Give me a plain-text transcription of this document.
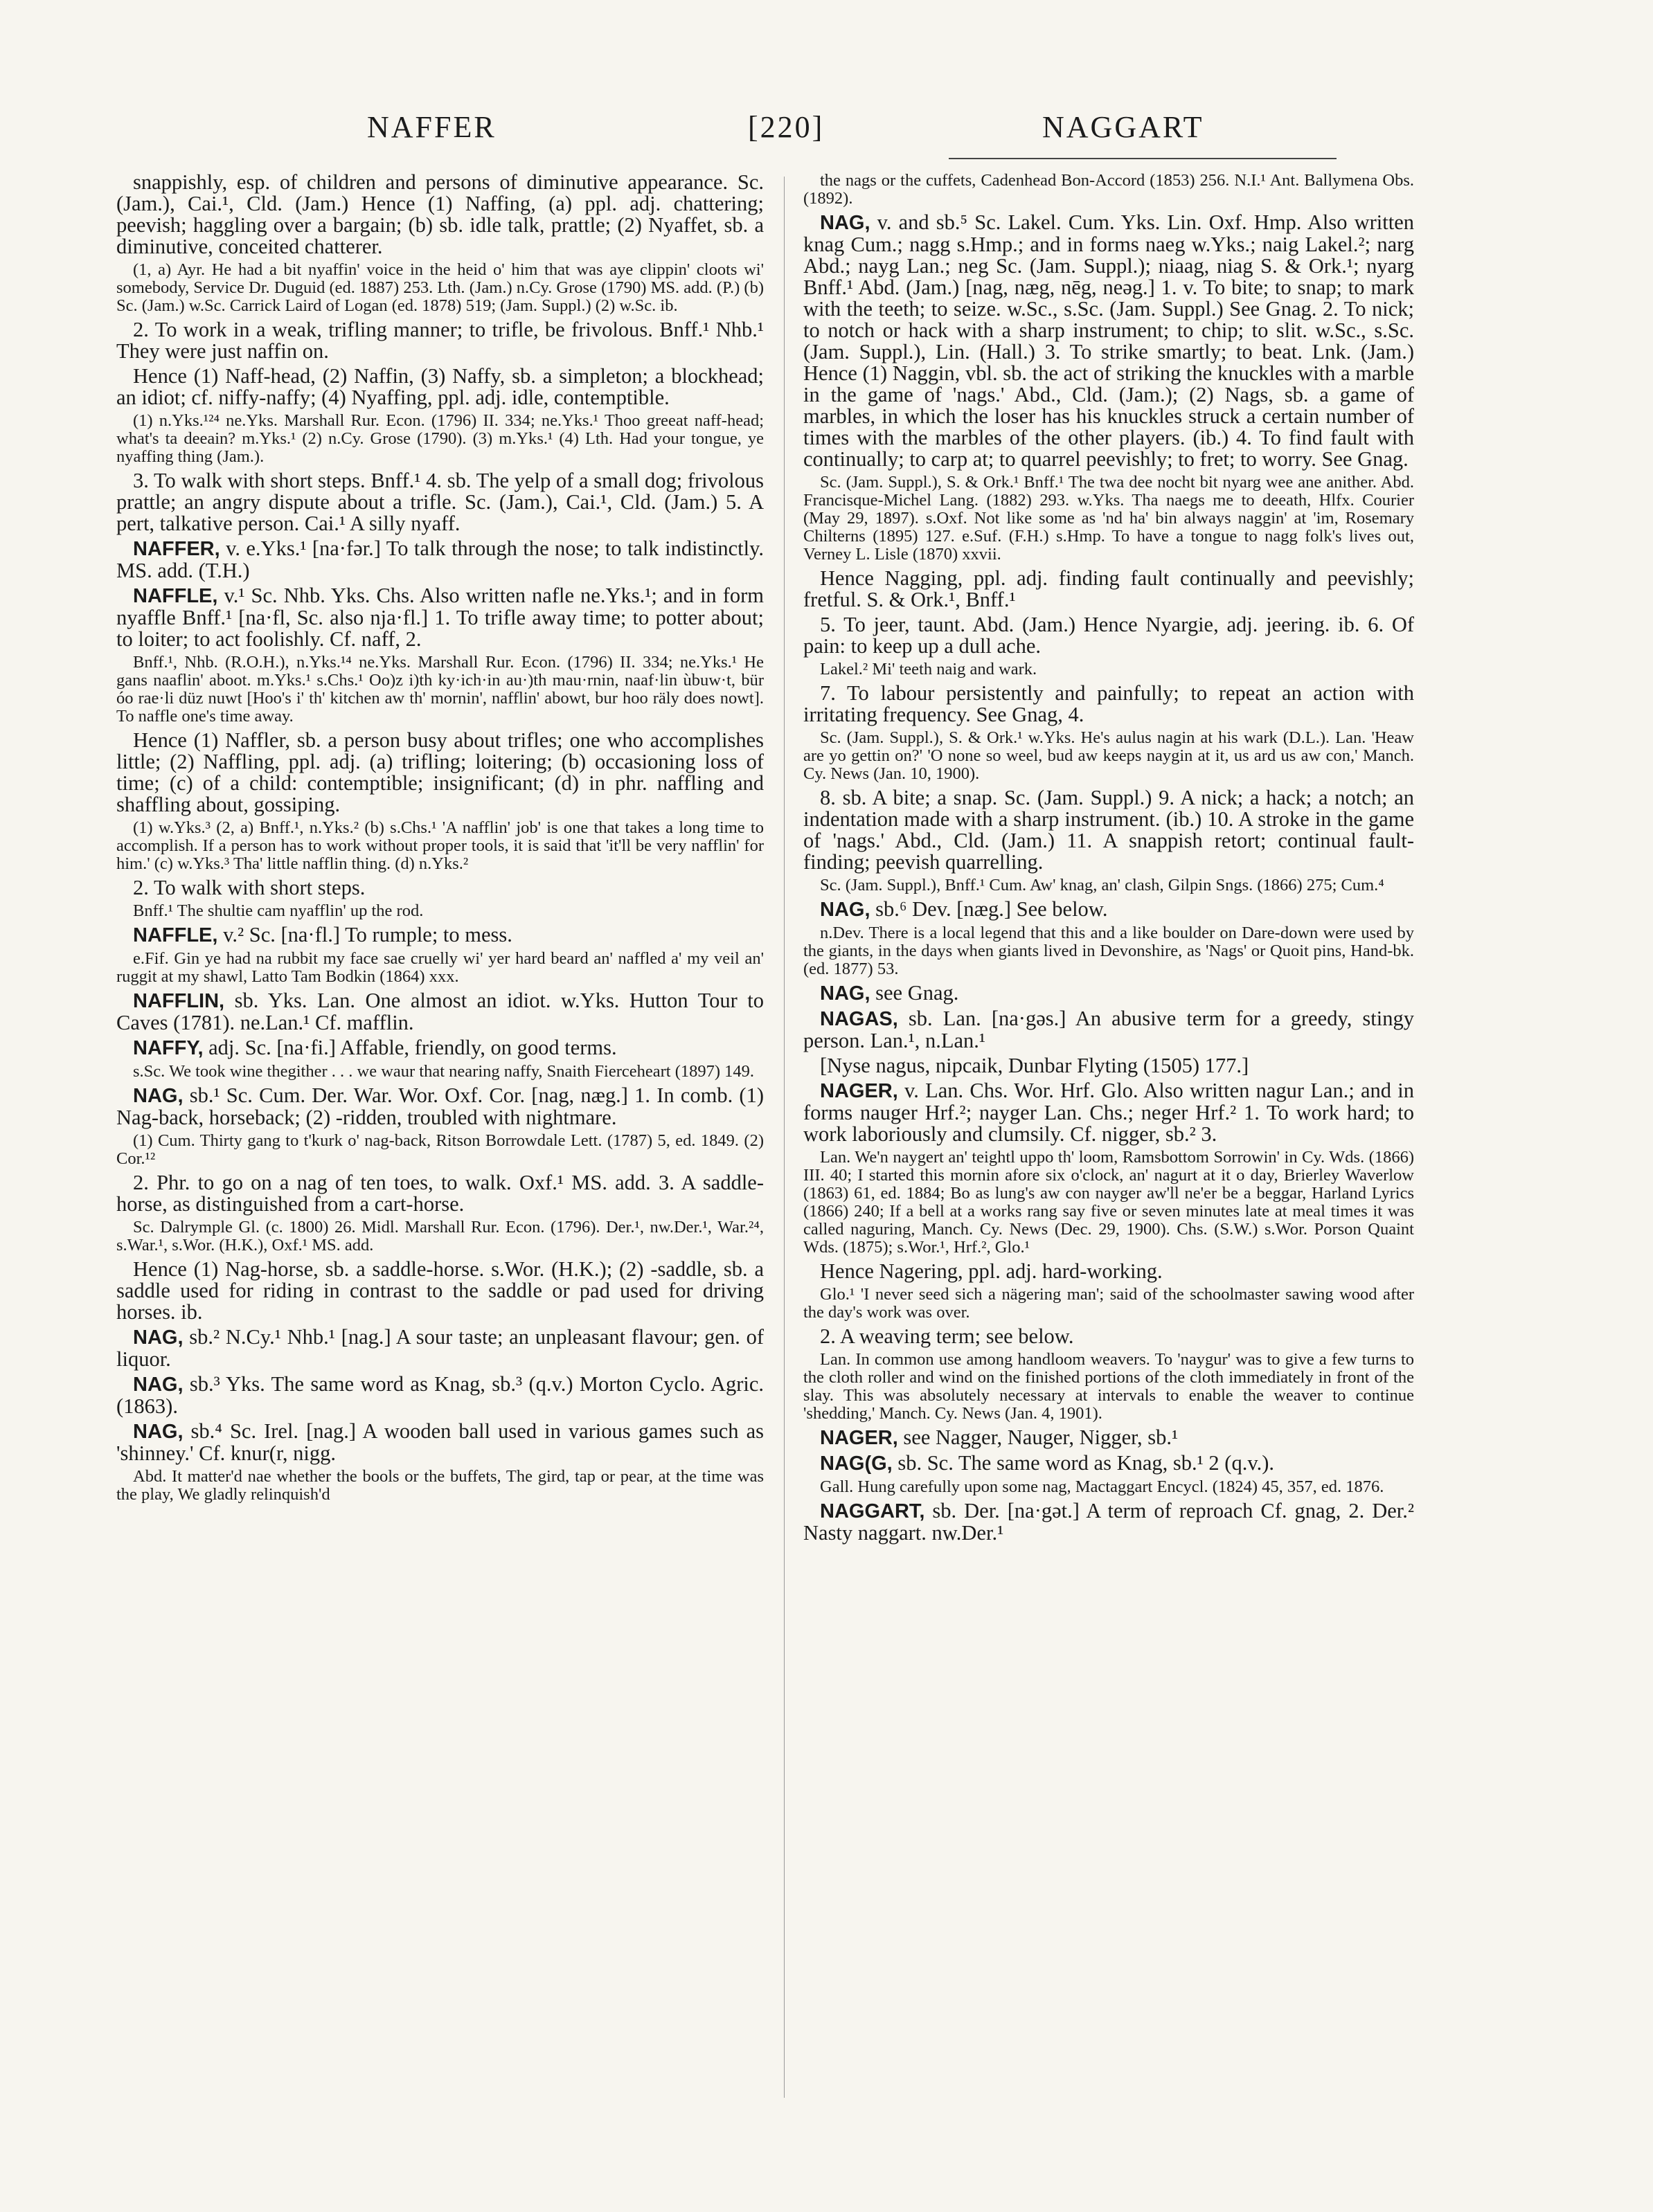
NAFFER	[220]	NAGGART
snappishly, esp. of children and persons of diminutive appearance. Sc. (Jam.), Cai.¹, Cld. (Jam.) Hence (1) Naffing, (a) ppl. adj. chattering; peevish; haggling over a bargain; (b) sb. idle talk, prattle; (2) Nyaffet, sb. a diminutive, conceited chatterer.
(1, a) Ayr. He had a bit nyaffin' voice in the heid o' him that was aye clippin' cloots wi' somebody, Service Dr. Duguid (ed. 1887) 253. Lth. (Jam.) n.Cy. Grose (1790) MS. add. (P.) (b) Sc. (Jam.) w.Sc. Carrick Laird of Logan (ed. 1878) 519; (Jam. Suppl.) (2) w.Sc. ib.
2. To work in a weak, trifling manner; to trifle, be frivolous. Bnff.¹ Nhb.¹ They were just naffin on.
Hence (1) Naff-head, (2) Naffin, (3) Naffy, sb. a simpleton; a blockhead; an idiot; cf. niffy-naffy; (4) Nyaffing, ppl. adj. idle, contemptible.
(1) n.Yks.¹²⁴ ne.Yks. Marshall Rur. Econ. (1796) II. 334; ne.Yks.¹ Thoo greeat naff-head; what's ta deeain? m.Yks.¹ (2) n.Cy. Grose (1790). (3) m.Yks.¹ (4) Lth. Had your tongue, ye nyaffing thing (Jam.).
3. To walk with short steps. Bnff.¹ 4. sb. The yelp of a small dog; frivolous prattle; an angry dispute about a trifle. Sc. (Jam.), Cai.¹, Cld. (Jam.) 5. A pert, talkative person. Cai.¹ A silly nyaff.
NAFFER, v. e.Yks.¹ [na·fər.] To talk through the nose; to talk indistinctly. MS. add. (T.H.)
NAFFLE, v.¹ Sc. Nhb. Yks. Chs. Also written nafle ne.Yks.¹; and in form nyaffle Bnff.¹ [na·fl, Sc. also nja·fl.] 1. To trifle away time; to potter about; to loiter; to act foolishly. Cf. naff, 2.
Bnff.¹, Nhb. (R.O.H.), n.Yks.¹⁴ ne.Yks. Marshall Rur. Econ. (1796) II. 334; ne.Yks.¹ He gans naaflin' aboot. m.Yks.¹ s.Chs.¹ Oo)z i)th ky·ich·in au·)th mau·rnin, naaf·lin ùbuw·t, bür óo rae·li düz nuwt [Hoo's i' th' kitchen aw th' mornin', nafflin' abowt, bur hoo räly does nowt]. To naffle one's time away.
Hence (1) Naffler, sb. a person busy about trifles; one who accomplishes little; (2) Naffling, ppl. adj. (a) trifling; loitering; (b) occasioning loss of time; (c) of a child: contemptible; insignificant; (d) in phr. naffling and shaffling about, gossiping.
(1) w.Yks.³ (2, a) Bnff.¹, n.Yks.² (b) s.Chs.¹ 'A nafflin' job' is one that takes a long time to accomplish. If a person has to work without proper tools, it is said that 'it'll be very nafflin' for him.' (c) w.Yks.³ Tha' little nafflin thing. (d) n.Yks.²
2. To walk with short steps.
Bnff.¹ The shultie cam nyafflin' up the rod.
NAFFLE, v.² Sc. [na·fl.] To rumple; to mess.
e.Fif. Gin ye had na rubbit my face sae cruelly wi' yer hard beard an' naffled a' my veil an' ruggit at my shawl, Latto Tam Bodkin (1864) xxx.
NAFFLIN, sb. Yks. Lan. One almost an idiot. w.Yks. Hutton Tour to Caves (1781). ne.Lan.¹ Cf. mafflin.
NAFFY, adj. Sc. [na·fi.] Affable, friendly, on good terms.
s.Sc. We took wine thegither . . . we waur that nearing naffy, Snaith Fierceheart (1897) 149.
NAG, sb.¹ Sc. Cum. Der. War. Wor. Oxf. Cor. [nag, næg.] 1. In comb. (1) Nag-back, horseback; (2) -ridden, troubled with nightmare.
(1) Cum. Thirty gang to t'kurk o' nag-back, Ritson Borrowdale Lett. (1787) 5, ed. 1849. (2) Cor.¹²
2. Phr. to go on a nag of ten toes, to walk. Oxf.¹ MS. add. 3. A saddle-horse, as distinguished from a cart-horse.
Sc. Dalrymple Gl. (c. 1800) 26. Midl. Marshall Rur. Econ. (1796). Der.¹, nw.Der.¹, War.²⁴, s.War.¹, s.Wor. (H.K.), Oxf.¹ MS. add.
Hence (1) Nag-horse, sb. a saddle-horse. s.Wor. (H.K.); (2) -saddle, sb. a saddle used for riding in contrast to the saddle or pad used for driving horses. ib.
NAG, sb.² N.Cy.¹ Nhb.¹ [nag.] A sour taste; an unpleasant flavour; gen. of liquor.
NAG, sb.³ Yks. The same word as Knag, sb.³ (q.v.) Morton Cyclo. Agric. (1863).
NAG, sb.⁴ Sc. Irel. [nag.] A wooden ball used in various games such as 'shinney.' Cf. knur(r, nigg.
Abd. It matter'd nae whether the bools or the buffets, The gird, tap or pear, at the time was the play, We gladly relinquish'd
the nags or the cuffets, Cadenhead Bon-Accord (1853) 256. N.I.¹ Ant. Ballymena Obs. (1892).
NAG, v. and sb.⁵ Sc. Lakel. Cum. Yks. Lin. Oxf. Hmp. Also written knag Cum.; nagg s.Hmp.; and in forms naeg w.Yks.; naig Lakel.²; narg Abd.; nayg Lan.; neg Sc. (Jam. Suppl.); niaag, niag S. & Ork.¹; nyarg Bnff.¹ Abd. (Jam.) [nag, næg, nēg, neəg.] 1. v. To bite; to snap; to mark with the teeth; to seize. w.Sc., s.Sc. (Jam. Suppl.) See Gnag. 2. To nick; to notch or hack with a sharp instrument; to chip; to slit. w.Sc., s.Sc. (Jam. Suppl.), Lin. (Hall.) 3. To strike smartly; to beat. Lnk. (Jam.) Hence (1) Naggin, vbl. sb. the act of striking the knuckles with a marble in the game of 'nags.' Abd., Cld. (Jam.); (2) Nags, sb. a game of marbles, in which the loser has his knuckles struck a certain number of times with the marbles of the other players. (ib.) 4. To find fault with continually; to carp at; to quarrel peevishly; to fret; to worry. See Gnag.
Sc. (Jam. Suppl.), S. & Ork.¹ Bnff.¹ The twa dee nocht bit nyarg wee ane anither. Abd. Francisque-Michel Lang. (1882) 293. w.Yks. Tha naegs me to deeath, Hlfx. Courier (May 29, 1897). s.Oxf. Not like some as 'nd ha' bin always naggin' at 'im, Rosemary Chilterns (1895) 127. e.Suf. (F.H.) s.Hmp. To have a tongue to nagg folk's lives out, Verney L. Lisle (1870) xxvii.
Hence Nagging, ppl. adj. finding fault continually and peevishly; fretful. S. & Ork.¹, Bnff.¹
5. To jeer, taunt. Abd. (Jam.) Hence Nyargie, adj. jeering. ib. 6. Of pain: to keep up a dull ache.
Lakel.² Mi' teeth naig and wark.
7. To labour persistently and painfully; to repeat an action with irritating frequency. See Gnag, 4.
Sc. (Jam. Suppl.), S. & Ork.¹ w.Yks. He's aulus nagin at his wark (D.L.). Lan. 'Heaw are yo gettin on?' 'O none so weel, bud aw keeps naygin at it, us ard us aw con,' Manch. Cy. News (Jan. 10, 1900).
8. sb. A bite; a snap. Sc. (Jam. Suppl.) 9. A nick; a hack; a notch; an indentation made with a sharp instrument. (ib.) 10. A stroke in the game of 'nags.' Abd., Cld. (Jam.) 11. A snappish retort; continual fault-finding; peevish quarrelling.
Sc. (Jam. Suppl.), Bnff.¹ Cum. Aw' knag, an' clash, Gilpin Sngs. (1866) 275; Cum.⁴
NAG, sb.⁶ Dev. [næg.] See below.
n.Dev. There is a local legend that this and a like boulder on Dare-down were used by the giants, in the days when giants lived in Devonshire, as 'Nags' or Quoit pins, Hand-bk. (ed. 1877) 53.
NAG, see Gnag.
NAGAS, sb. Lan. [na·gəs.] An abusive term for a greedy, stingy person. Lan.¹, n.Lan.¹
[Nyse nagus, nipcaik, Dunbar Flyting (1505) 177.]
NAGER, v. Lan. Chs. Wor. Hrf. Glo. Also written nagur Lan.; and in forms nauger Hrf.²; nayger Lan. Chs.; neger Hrf.² 1. To work hard; to work laboriously and clumsily. Cf. nigger, sb.² 3.
Lan. We'n naygert an' teightl uppo th' loom, Ramsbottom Sorrowin' in Cy. Wds. (1866) III. 40; I started this mornin afore six o'clock, an' nagurt at it o day, Brierley Waverlow (1863) 61, ed. 1884; Bo as lung's aw con nayger aw'll ne'er be a beggar, Harland Lyrics (1866) 240; If a bell at a works rang say five or seven minutes late at meal times it was called naguring, Manch. Cy. News (Dec. 29, 1900). Chs. (S.W.) s.Wor. Porson Quaint Wds. (1875); s.Wor.¹, Hrf.², Glo.¹
Hence Nagering, ppl. adj. hard-working.
Glo.¹ 'I never seed sich a nägering man'; said of the schoolmaster sawing wood after the day's work was over.
2. A weaving term; see below.
Lan. In common use among handloom weavers. To 'naygur' was to give a few turns to the cloth roller and wind on the finished portions of the cloth immediately in front of the slay. This was absolutely necessary at intervals to enable the weaver to continue 'shedding,' Manch. Cy. News (Jan. 4, 1901).
NAGER, see Nagger, Nauger, Nigger, sb.¹
NAG(G, sb. Sc. The same word as Knag, sb.¹ 2 (q.v.).
Gall. Hung carefully upon some nag, Mactaggart Encycl. (1824) 45, 357, ed. 1876.
NAGGART, sb. Der. [na·gət.] A term of reproach Cf. gnag, 2. Der.² Nasty naggart. nw.Der.¹
